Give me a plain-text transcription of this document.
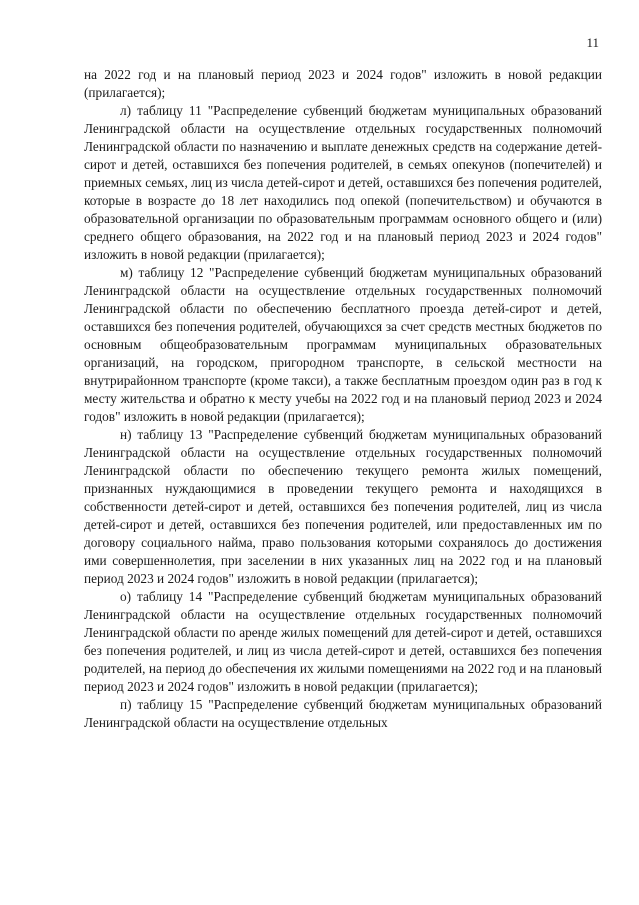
11

на 2022 год и на плановый период 2023 и 2024 годов" изложить в новой редакции (прилагается);

л) таблицу 11 "Распределение субвенций бюджетам муниципальных образований Ленинградской области на осуществление отдельных государственных полномочий Ленинградской области по назначению и выплате денежных средств на содержание детей-сирот и детей, оставшихся без попечения родителей, в семьях опекунов (попечителей) и приемных семьях, лиц из числа детей-сирот и детей, оставшихся без попечения родителей, которые в возрасте до 18 лет находились под опекой (попечительством) и обучаются в образовательной организации по образовательным программам основного общего и (или) среднего общего образования, на 2022 год и на плановый период 2023 и 2024 годов" изложить в новой редакции (прилагается);

м) таблицу 12 "Распределение субвенций бюджетам муниципальных образований Ленинградской области на осуществление отдельных государственных полномочий Ленинградской области по обеспечению бесплатного проезда детей-сирот и детей, оставшихся без попечения родителей, обучающихся за счет средств местных бюджетов по основным общеобразовательным программам муниципальных образовательных организаций, на городском, пригородном транспорте, в сельской местности на внутрирайонном транспорте (кроме такси), а также бесплатным проездом один раз в год к месту жительства и обратно к месту учебы на 2022 год и на плановый период 2023 и 2024 годов" изложить в новой редакции (прилагается);

н) таблицу 13 "Распределение субвенций бюджетам муниципальных образований Ленинградской области на осуществление отдельных государственных полномочий Ленинградской области по обеспечению текущего ремонта жилых помещений, признанных нуждающимися в проведении текущего ремонта и находящихся в собственности детей-сирот и детей, оставшихся без попечения родителей, лиц из числа детей-сирот и детей, оставшихся без попечения родителей, или предоставленных им по договору социального найма, право пользования которыми сохранялось до достижения ими совершеннолетия, при заселении в них указанных лиц на 2022 год и на плановый период 2023 и 2024 годов" изложить в новой редакции (прилагается);

о) таблицу 14 "Распределение субвенций бюджетам муниципальных образований Ленинградской области на осуществление отдельных государственных полномочий Ленинградской области по аренде жилых помещений для детей-сирот и детей, оставшихся без попечения родителей, и лиц из числа детей-сирот и детей, оставшихся без попечения родителей, на период до обеспечения их жилыми помещениями на 2022 год и на плановый период 2023 и 2024 годов" изложить в новой редакции (прилагается);

п) таблицу 15 "Распределение субвенций бюджетам муниципальных образований Ленинградской области на осуществление отдельных
